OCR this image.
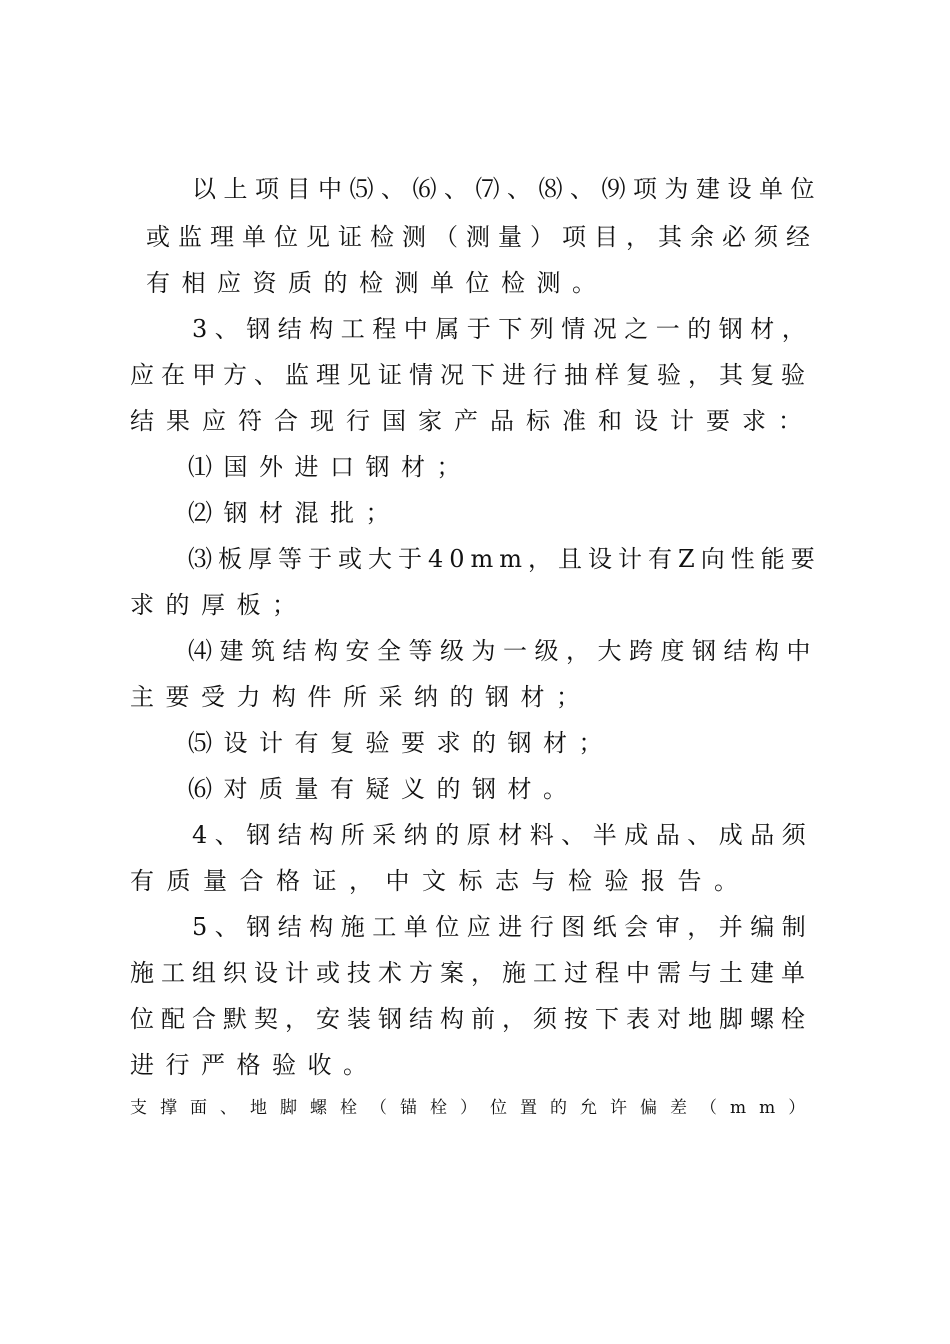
以上项目中⑸、⑹、⑺、⑻、⑼项为建设单位
或监理单位见证检测（测量）项目，其余必须经
有相应资质的检测单位检测。
3、钢结构工程中属于下列情况之一的钢材，
应在甲方、监理见证情况下进行抽样复验，其复验
结果应符合现行国家产品标准和设计要求：
⑴国外进口钢材；
⑵钢材混批；
⑶板厚等于或大于40mm，且设计有Z向性能要
求的厚板；
⑷建筑结构安全等级为一级，大跨度钢结构中
主要受力构件所采纳的钢材；
⑸设计有复验要求的钢材；
⑹对质量有疑义的钢材。
4、钢结构所采纳的原材料、半成品、成品须
有质量合格证，中文标志与检验报告。
5、钢结构施工单位应进行图纸会审，并编制
施工组织设计或技术方案，施工过程中需与土建单
位配合默契，安装钢结构前，须按下表对地脚螺栓
进行严格验收。
支撑面、地脚螺栓（锚栓）位置的允许偏差（mm）
